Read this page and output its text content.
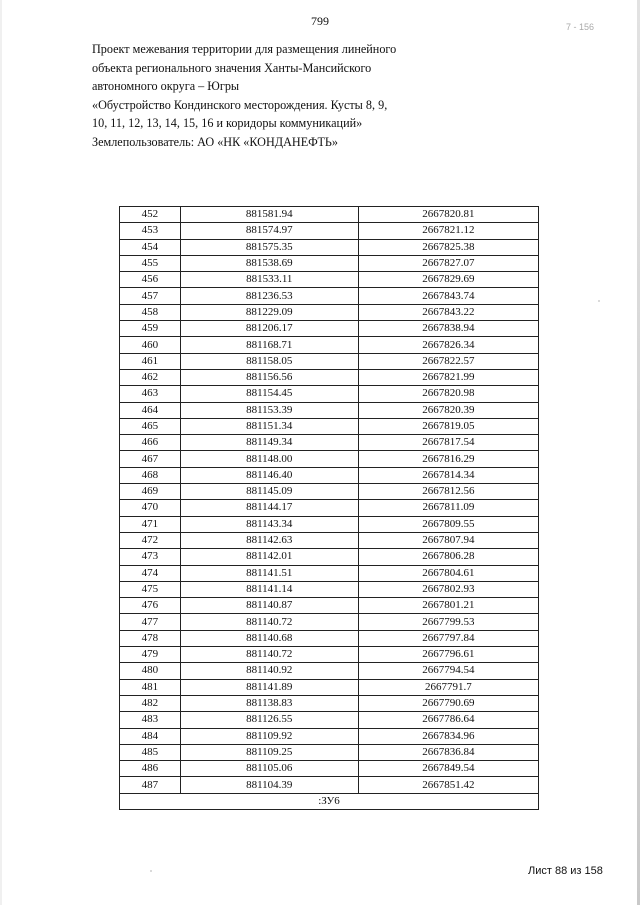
799	7 - 156
Проект межевания территории для размещения линейного
объекта регионального значения Ханты-Мансийского
автономного округа – Югры
«Обустройство Кондинского месторождения. Кусты 8, 9,
10, 11, 12, 13, 14, 15, 16 и коридоры коммуникаций»
Землепользователь: АО «НК «КОНДАНЕФТЬ»
452	881581.94	2667820.81
453	881574.97	2667821.12
454	881575.35	2667825.38
455	881538.69	2667827.07
456	881533.11	2667829.69
457	881236.53	2667843.74
458	881229.09	2667843.22
459	881206.17	2667838.94
460	881168.71	2667826.34
461	881158.05	2667822.57
462	881156.56	2667821.99
463	881154.45	2667820.98
464	881153.39	2667820.39
465	881151.34	2667819.05
466	881149.34	2667817.54
467	881148.00	2667816.29
468	881146.40	2667814.34
469	881145.09	2667812.56
470	881144.17	2667811.09
471	881143.34	2667809.55
472	881142.63	2667807.94
473	881142.01	2667806.28
474	881141.51	2667804.61
475	881141.14	2667802.93
476	881140.87	2667801.21
477	881140.72	2667799.53
478	881140.68	2667797.84
479	881140.72	2667796.61
480	881140.92	2667794.54
481	881141.89	2667791.7
482	881138.83	2667790.69
483	881126.55	2667786.64
484	881109.92	2667834.96
485	881109.25	2667836.84
486	881105.06	2667849.54
487	881104.39	2667851.42
:ЗУ6		
Лист 88 из 158
